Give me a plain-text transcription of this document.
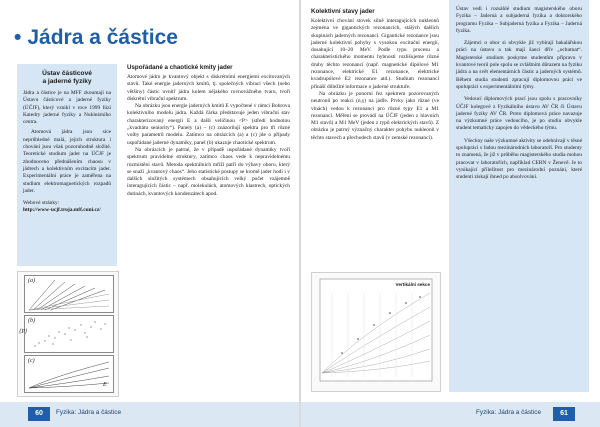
• Jádra a částice
Ústav částicové
a jaderné fyziky

Jádra a částice je na MFF zkoumají na Ústavu částicové a jaderné fyziky (ÚČJF), který vznikl v roce 1999 fúzí Katedry jaderné fyziky a Nukleárního centra.

Atomová jádra jsou sice neprůhledné malá, jejich struktura i chování jsou však pozoruhodně složité. Teoretické studium jader na ÚČJF je zhodnoceno přednášením chaosu v jádrech a kolektivním excitacím jader. Experimentální práce je zaměřena na studium elektromagnetických rozpadů jader.

Webové stránky:
http://www-ucjf.troja.mff.cuni.cz/
(a)
(b)
(c)
E
⟨P⟩
Uspořádané a chaotické kmity jader

Atomové jádro je kvantový objekt s diskrétními energiemi excitovaných stavů. Také energie jaderných kmitů, tj. společných vibrací všech (nebo většiny) částic uvnitř jádra kolem nějakého rovnovážného tvaru, tvoří diskrétní vibrační spektrum.

Na obrázku jsou energie jaderných kmitů E vypočtené v rámci Bohrova kolektivního modelu jádra. Každá čárka představuje jeden vibrační stav charakterizovaný energií E a další veličinou <P> (středí hodnotou „kvadrátu seniority“). Panely (a) – (c) znázorňují spektra pro tři různé volby parametrů modelu. Zatímco na obrázcích (a) a (c) jde o případy uspořádané jaderné dynamiky, panel (b) ukazuje chaotické spektrum.

Na obrázcích je patrné, že v případě uspořádané dynamiky tvoří spektrum pravidelné struktury, zatímco chaos vede k nepravidelnému rozmístění stavů. Metoda spektrálních mříží patří do výbavy oboru, který se snaží „kvantový chaos“. Jeho statistické postupy se kromě jader hodí i v dalších složitých systémech obsahujících velký počet vzájemně interagujících částic – např. molekulách, atomových klastrech, optických dutinách, kvantových kondenzátech apod.

Kolektivní stavy jader

Kolektivní chování stovek silně interagujících nukleonů zejména ve gigantických rezonancích, stálých dalších skupinách jaderných rezonancí. Gigantické rezonance jsou jaderné kolektivní pohyby s vysokou excitační energií, dosahující 10–20 MeV. Podle typu procesu a charakteristického momentu hybnosti rozlišujeme různé druhy těchto rezonancí (např. magnetické dipólové M1 rezonance, elektrické E1 rezonance, elektrické kvadrupólové E2 rezonance atd.). Studium rezonancí přináší důležité informace o jaderné struktuře.

Na obrázku je ponorní řez spektrem pozorovaných neutronů po reakci (n,γ) na jádře. Prvky jako různé (ve vlnách) vedou k rezonanci pro různé typy E1 a M1 rezonancí. Měření se provádí na ÚČJF (jeden z hlavních M1 stavů) a M1 MeV (jeden z typů elektrických stavů). Z obrázku je patrný význačný charakter pohybu nukleonů v těchto stavech a přechodech stavů (v zemské rezonanci).

Vertikální sekce

Ústav vedl i rozsáhlé studium magisterského oboru Fyzika – Jaderná a subjaderná fyzika a doktorského programu Fyzika – Subjaderná fyzika a Fyzika – Jaderná fyzika.

Zájemci o obor si obvykle již vybírají bakalářskou práci na ústavu a tak mají šanci dřív „ochutnat“. Magisterské studium poskytne studentům přípravu v kvantové teorii pole spolu se zvláštním důrazem na fyziku jádra a na svět elementárních částic a jaderných systémů. Během studia studenti zpracují diplomovou práci ve spolupráci s experimentálními týmy.

Vedoucí diplomových prací jsou spolu s pracovníky ÚČJF kolegové z Fyzikálního ústavu AV ČR či Ústavu jaderné fyziky AV ČR. Proto diplomová práce navazuje na výzkumné práce vedoucího, je po studiu obvykle student tematicky zapojen do vědeckého týmu.

Všechny naše výzkumné aktivity se odehrávají v těsné spolupráci s řadou mezinárodních laboratoří. Pro studenty to znamená, že již v průběhu magisterského studia mohou pracovat v laboratořích, například CERN v Ženevě. Je to vynikající příležitost pro mezinárodní poznání, které studenti získají ihned po absolvování.

60	Fyzika: Jádra a částice	Fyzika: Jádra a částice	61
